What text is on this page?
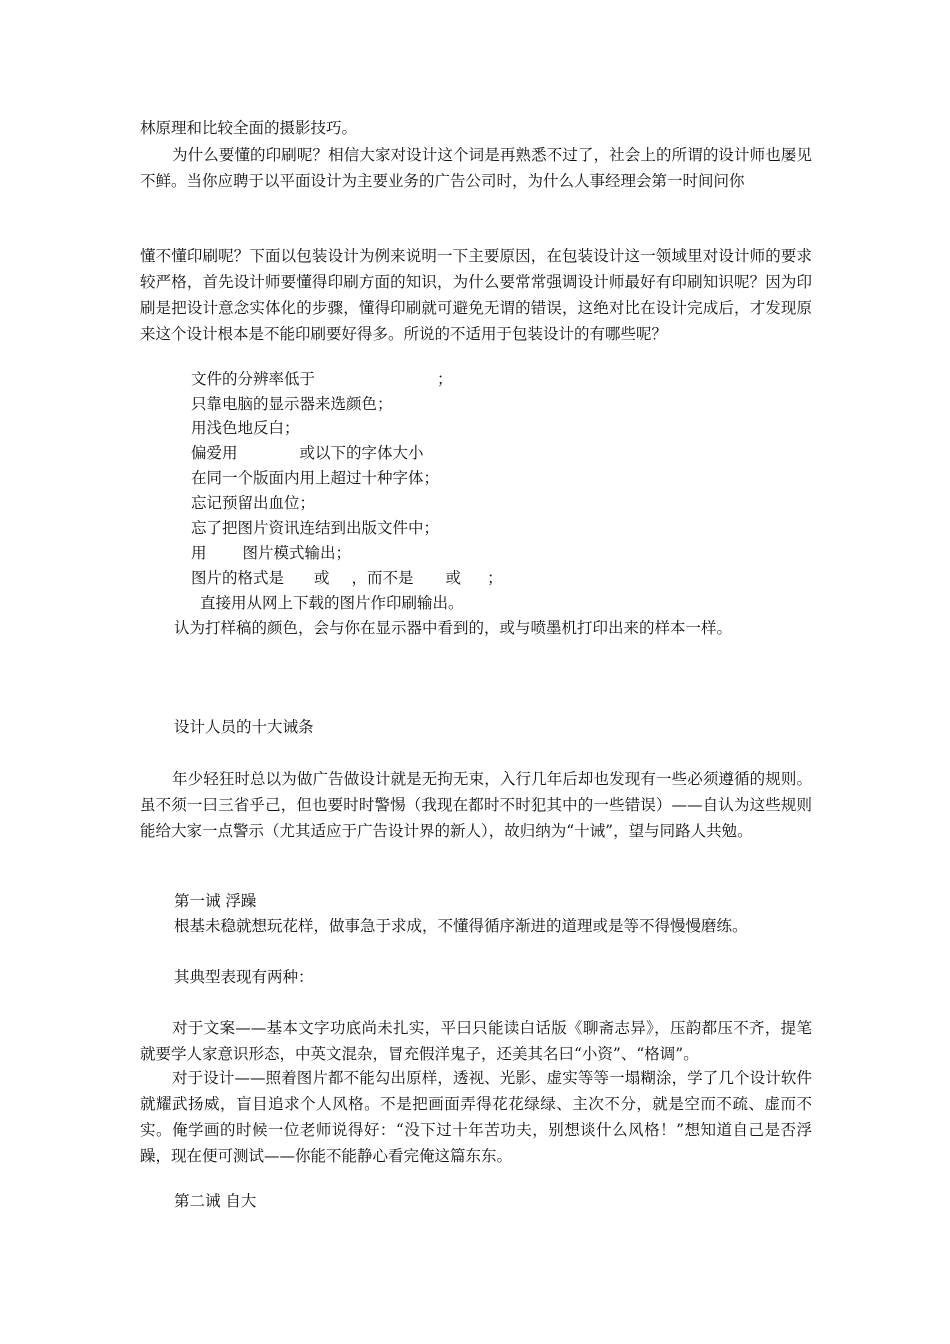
林原理和比较全面的摄影技巧。
为什么要懂的印刷呢？相信大家对设计这个词是再熟悉不过了，社会上的所谓的设计师也屡见不鲜。当你应聘于以平面设计为主要业务的广告公司时，为什么人事经理会第一时间问你
懂不懂印刷呢？下面以包装设计为例来说明一下主要原因，在包装设计这一领域里对设计师的要求较严格，首先设计师要懂得印刷方面的知识，为什么要常常强调设计师最好有印刷知识呢？因为印刷是把设计意念实体化的步骤，懂得印刷就可避免无谓的错误，这绝对比在设计完成后，才发现原来这个设计根本是不能印刷要好得多。所说的不适用于包装设计的有哪些呢？
文件的分辨率低于	；
只靠电脑的显示器来选颜色；
用浅色地反白；
偏爱用	或以下的字体大小
在同一个版面内用上超过十种字体；
忘记预留出血位；
忘了把图片资讯连结到出版文件中；
用 图片模式输出；
图片的格式是 或 ，而不是 或 ；
直接用从网上下载的图片作印刷输出。
认为打样稿的颜色，会与你在显示器中看到的，或与喷墨机打印出来的样本一样。
设计人员的十大诫条
年少轻狂时总以为做广告做设计就是无拘无束，入行几年后却也发现有一些必须遵循的规则。虽不须一曰三省乎己，但也要时时警惕（我现在都时不时犯其中的一些错误）——自认为这些规则能给大家一点警示（尤其适应于广告设计界的新人），故归纳为“十诫”，望与同路人共勉。
第一诫 浮躁
根基未稳就想玩花样，做事急于求成，不懂得循序渐进的道理或是等不得慢慢磨练。
其典型表现有两种：
对于文案——基本文字功底尚未扎实，平曰只能读白话版《聊斋志异》，压韵都压不齐，提笔就要学人家意识形态，中英文混杂，冒充假洋鬼子，还美其名曰“小资”、“格调”。
对于设计——照着图片都不能勾出原样，透视、光影、虚实等等一塌糊涂，学了几个设计软件就耀武扬威，盲目追求个人风格。不是把画面弄得花花绿绿、主次不分，就是空而不疏、虚而不实。俺学画的时候一位老师说得好：“没下过十年苦功夫，别想谈什么风格！”想知道自己是否浮躁，现在便可测试——你能不能静心看完俺这篇东东。
第二诫 自大
